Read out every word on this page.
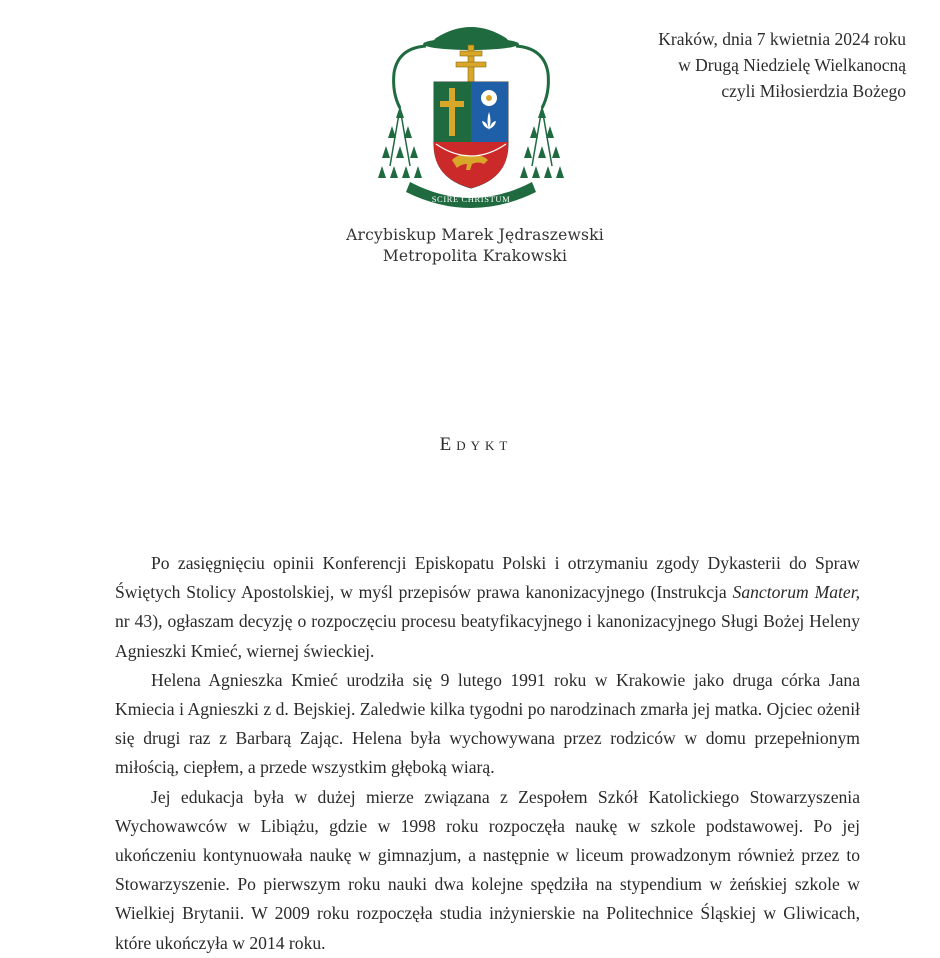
Kraków, dnia 7 kwietnia 2024 roku
w Drugą Niedzielę Wielkanocną
czyli Miłosierdzia Bożego
SCIRE CHRISTUM
Arcybiskup Marek Jędraszewski
Metropolita Krakowski
Edykt

Po zasięgnięciu opinii Konferencji Episkopatu Polski i otrzymaniu zgody Dykasterii do Spraw Świętych Stolicy Apostolskiej, w myśl przepisów prawa kanonizacyjnego (Instrukcja Sanctorum Mater, nr 43), ogłaszam decyzję o rozpoczęciu procesu beatyfikacyjnego i kanonizacyjnego Sługi Bożej Heleny Agnieszki Kmieć, wiernej świeckiej.

Helena Agnieszka Kmieć urodziła się 9 lutego 1991 roku w Krakowie jako druga córka Jana Kmiecia i Agnieszki z d. Bejskiej. Zaledwie kilka tygodni po narodzinach zmarła jej matka. Ojciec ożenił się drugi raz z Barbarą Zając. Helena była wychowywana przez rodziców w domu przepełnionym miłością, ciepłem, a przede wszystkim głęboką wiarą.

Jej edukacja była w dużej mierze związana z Zespołem Szkół Katolickiego Stowarzyszenia Wychowawców w Libiążu, gdzie w 1998 roku rozpoczęła naukę w szkole podstawowej. Po jej ukończeniu kontynuowała naukę w gimnazjum, a następnie w liceum prowadzonym również przez to Stowarzyszenie. Po pierwszym roku nauki dwa kolejne spędziła na stypendium w żeńskiej szkole w Wielkiej Brytanii. W 2009 roku rozpoczęła studia inżynierskie na Politechnice Śląskiej w Gliwicach, które ukończyła w 2014 roku.
